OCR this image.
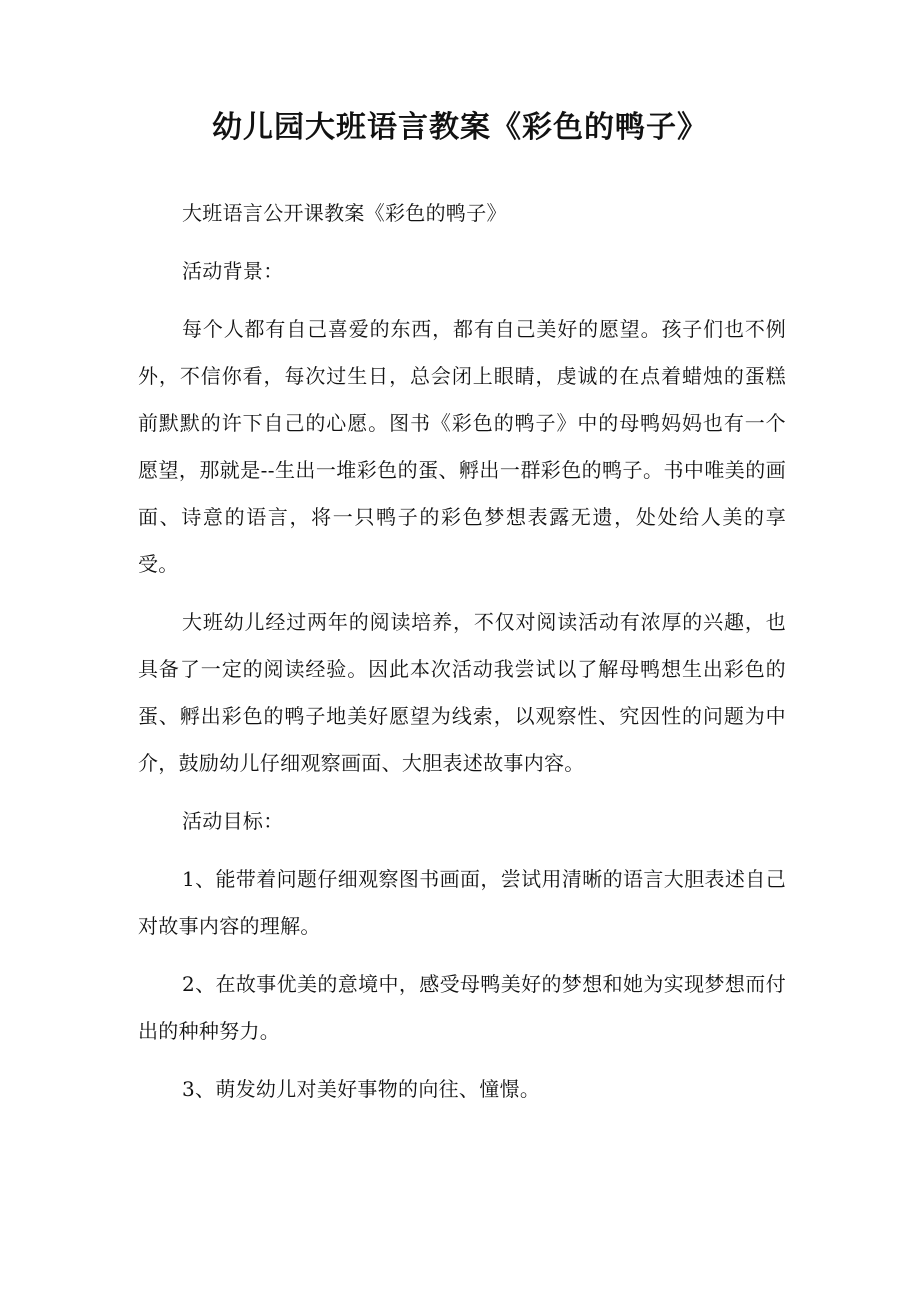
幼儿园大班语言教案《彩色的鸭子》

大班语言公开课教案《彩色的鸭子》

活动背景：

每个人都有自己喜爱的东西，都有自己美好的愿望。孩子们也不例外，不信你看，每次过生日，总会闭上眼睛，虔诚的在点着蜡烛的蛋糕前默默的许下自己的心愿。图书《彩色的鸭子》中的母鸭妈妈也有一个愿望，那就是--生出一堆彩色的蛋、孵出一群彩色的鸭子。书中唯美的画面、诗意的语言，将一只鸭子的彩色梦想表露无遗，处处给人美的享受。

大班幼儿经过两年的阅读培养，不仅对阅读活动有浓厚的兴趣，也具备了一定的阅读经验。因此本次活动我尝试以了解母鸭想生出彩色的蛋、孵出彩色的鸭子地美好愿望为线索，以观察性、究因性的问题为中介，鼓励幼儿仔细观察画面、大胆表述故事内容。

活动目标：

1、能带着问题仔细观察图书画面，尝试用清晰的语言大胆表述自己对故事内容的理解。

2、在故事优美的意境中，感受母鸭美好的梦想和她为实现梦想而付出的种种努力。

3、萌发幼儿对美好事物的向往、憧憬。
